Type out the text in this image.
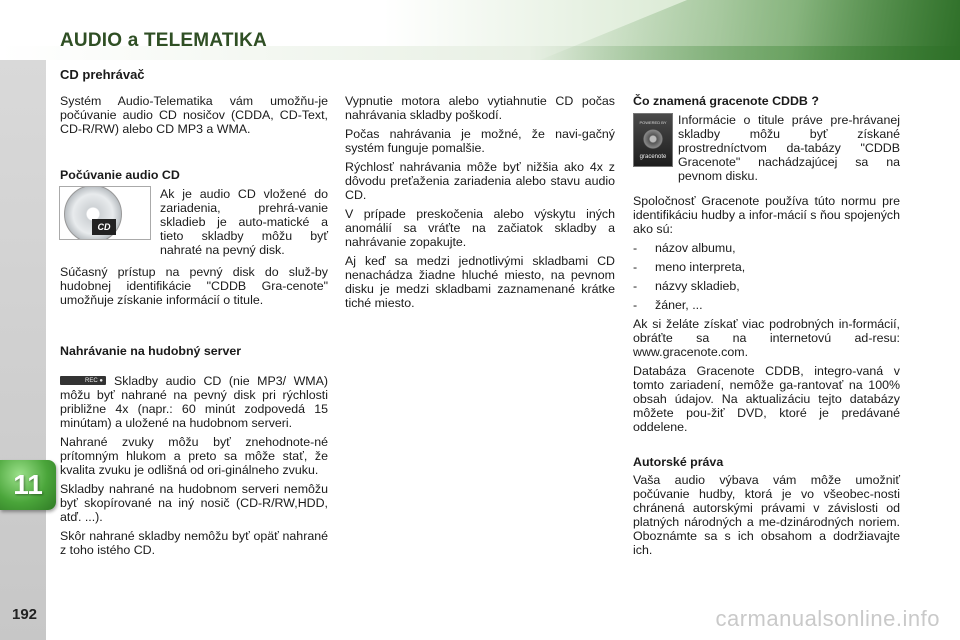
AUDIO a TELEMATIKA
11
192	carmanualsonline.info
CD prehrávač

Systém Audio-Telematika vám umožňu-je počúvanie audio CD nosičov (CDDA, CD-Text, CD-R/RW) alebo CD MP3 a WMA.

Počúvanie audio CD
CD

Ak je audio CD vložené do zariadenia, prehrá-vanie skladieb je auto-matické a tieto skladby môžu byť nahraté na pevný disk.

Súčasný prístup na pevný disk do služ-by hudobnej identifikácie "CDDB Gra-cenote" umožňuje získanie informácií o titule.

Nahrávanie na hudobný server
REC ● Skladby audio CD (nie MP3/ WMA) môžu byť nahrané na pevný disk pri rýchlosti približne 4x (napr.: 60 minút zodpovedá 15 minútam) a uložené na hudobnom serveri.

Nahrané zvuky môžu byť znehodnote-né prítomným hlukom a preto sa môže stať, že kvalita zvuku je odlišná od ori-ginálneho zvuku.

Skladby nahrané na hudobnom serveri nemôžu byť skopírované na iný nosič (CD-R/RW,HDD, atď. ...).

Skôr nahrané skladby nemôžu byť opäť nahrané z toho istého CD.

Vypnutie motora alebo vytiahnutie CD počas nahrávania skladby poškodí.

Počas nahrávania je možné, že navi-gačný systém funguje pomalšie.

Rýchlosť nahrávania môže byť nižšia ako 4x z dôvodu preťaženia zariadenia alebo stavu audio CD.

V prípade preskočenia alebo výskytu iných anomálií sa vráťte na začiatok skladby a nahrávanie zopakujte.

Aj keď sa medzi jednotlivými skladbami CD nenachádza žiadne hluché miesto, na pevnom disku je medzi skladbami zaznamenané krátke tiché miesto.

Čo znamená gracenote CDDB ?
POWERED BY
gracenote

Informácie o titule práve pre-hrávanej skladby môžu byť získané prostredníctvom da-tabázy "CDDB Gracenote" nachádzajúcej sa na pevnom disku.

Spoločnosť Gracenote používa túto normu pre identifikáciu hudby a infor-mácií s ňou spojených ako sú:

-	názov albumu,
-	meno interpreta,
-	názvy skladieb,
-	žáner, ...

Ak si želáte získať viac podrobných in-formácií, obráťte sa na internetovú ad-resu: www.gracenote.com.

Databáza Gracenote CDDB, integro-vaná v tomto zariadení, nemôže ga-rantovať na 100% obsah údajov. Na aktualizáciu tejto databázy môžete pou-žiť DVD, ktoré je predávané oddelene.

Autorské práva

Vaša audio výbava vám môže umožniť počúvanie hudby, ktorá je vo všeobec-nosti chránená autorskými právami v závislosti od platných národných a me-dzinárodných noriem. Oboznámte sa s ich obsahom a dodržiavajte ich.
